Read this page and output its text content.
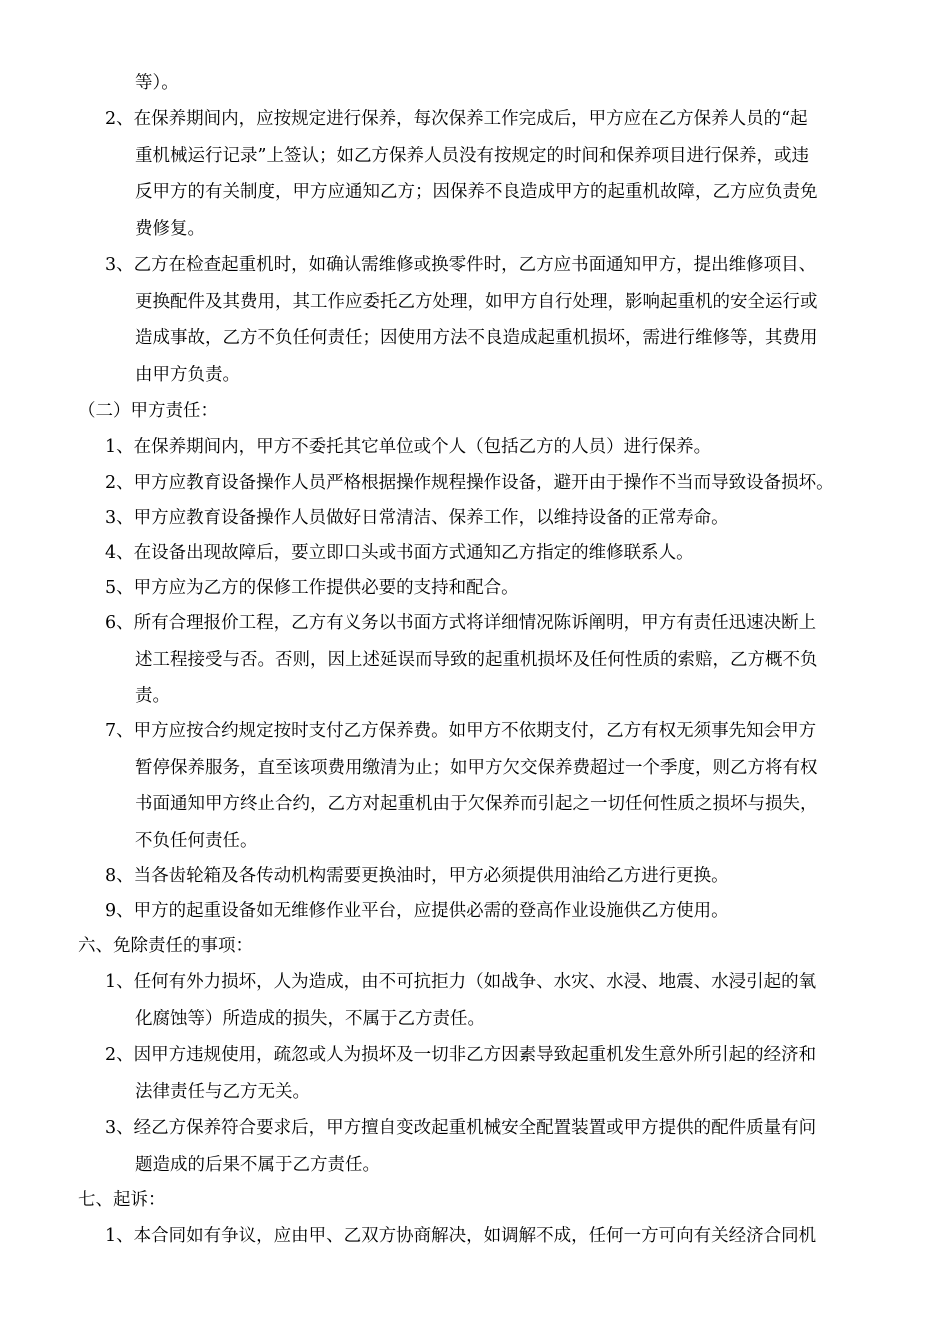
等）。
2、在保养期间内，应按规定进行保养，每次保养工作完成后，甲方应在乙方保养人员的“起
重机械运行记录”上签认；如乙方保养人员没有按规定的时间和保养项目进行保养，或违
反甲方的有关制度，甲方应通知乙方；因保养不良造成甲方的起重机故障，乙方应负责免
费修复。
3、乙方在检查起重机时，如确认需维修或换零件时，乙方应书面通知甲方，提出维修项目、
更换配件及其费用，其工作应委托乙方处理，如甲方自行处理，影响起重机的安全运行或
造成事故，乙方不负任何责任；因使用方法不良造成起重机损坏，需进行维修等，其费用
由甲方负责。
（二）甲方责任：
1、在保养期间内，甲方不委托其它单位或个人（包括乙方的人员）进行保养。
2、甲方应教育设备操作人员严格根据操作规程操作设备，避开由于操作不当而导致设备损坏。
3、甲方应教育设备操作人员做好日常清洁、保养工作，以维持设备的正常寿命。
4、在设备出现故障后，要立即口头或书面方式通知乙方指定的维修联系人。
5、甲方应为乙方的保修工作提供必要的支持和配合。
6、所有合理报价工程，乙方有义务以书面方式将详细情况陈诉阐明，甲方有责任迅速决断上
述工程接受与否。否则，因上述延误而导致的起重机损坏及任何性质的索赔，乙方概不负
责。
7、甲方应按合约规定按时支付乙方保养费。如甲方不依期支付，乙方有权无须事先知会甲方
暂停保养服务，直至该项费用缴清为止；如甲方欠交保养费超过一个季度，则乙方将有权
书面通知甲方终止合约，乙方对起重机由于欠保养而引起之一切任何性质之损坏与损失，
不负任何责任。
8、当各齿轮箱及各传动机构需要更换油时，甲方必须提供用油给乙方进行更换。
9、甲方的起重设备如无维修作业平台，应提供必需的登高作业设施供乙方使用。
六、免除责任的事项：
1、任何有外力损坏，人为造成，由不可抗拒力（如战争、水灾、水浸、地震、水浸引起的氧
化腐蚀等）所造成的损失，不属于乙方责任。
2、因甲方违规使用，疏忽或人为损坏及一切非乙方因素导致起重机发生意外所引起的经济和
法律责任与乙方无关。
3、经乙方保养符合要求后，甲方擅自变改起重机械安全配置装置或甲方提供的配件质量有问
题造成的后果不属于乙方责任。
七、起诉：
1、本合同如有争议，应由甲、乙双方协商解决，如调解不成，任何一方可向有关经济合同机
